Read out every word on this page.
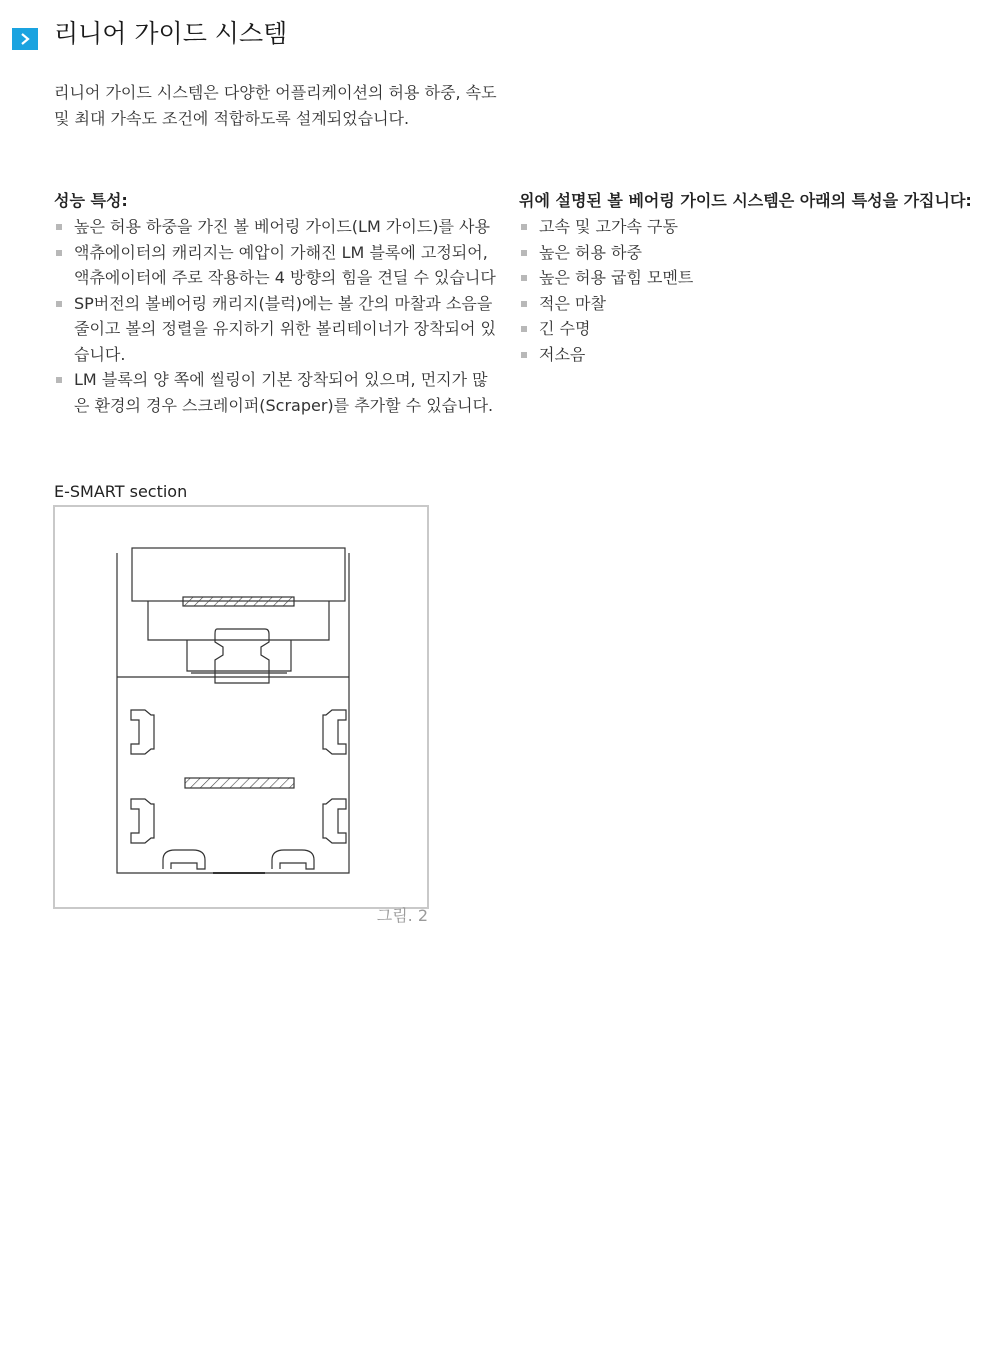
리니어 가이드 시스템
리니어 가이드 시스템은 다양한 어플리케이션의 허용 하중, 속도
및 최대 가속도 조건에 적합하도록 설계되었습니다.
성능 특성:
높은 허용 하중을 가진 볼 베어링 가이드(LM 가이드)를 사용
액츄에이터의 캐리지는 예압이 가해진 LM 블록에 고정되어,
액츄에이터에 주로 작용하는 4 방향의 힘을 견딜 수 있습니다
SP버전의 볼베어링 캐리지(블럭)에는 볼 간의 마찰과 소음을
줄이고 볼의 정렬을 유지하기 위한 볼리테이너가 장착되어 있
습니다.
LM 블록의 양 쪽에 씰링이 기본 장착되어 있으며, 먼지가 많
은 환경의 경우 스크레이퍼(Scraper)를 추가할 수 있습니다.
위에 설명된 볼 베어링 가이드 시스템은 아래의 특성을 가집니다:
고속 및 고가속 구동
높은 허용 하중
높은 허용 굽힘 모멘트
적은 마찰
긴 수명
저소음
E-SMART section
그림. 2
